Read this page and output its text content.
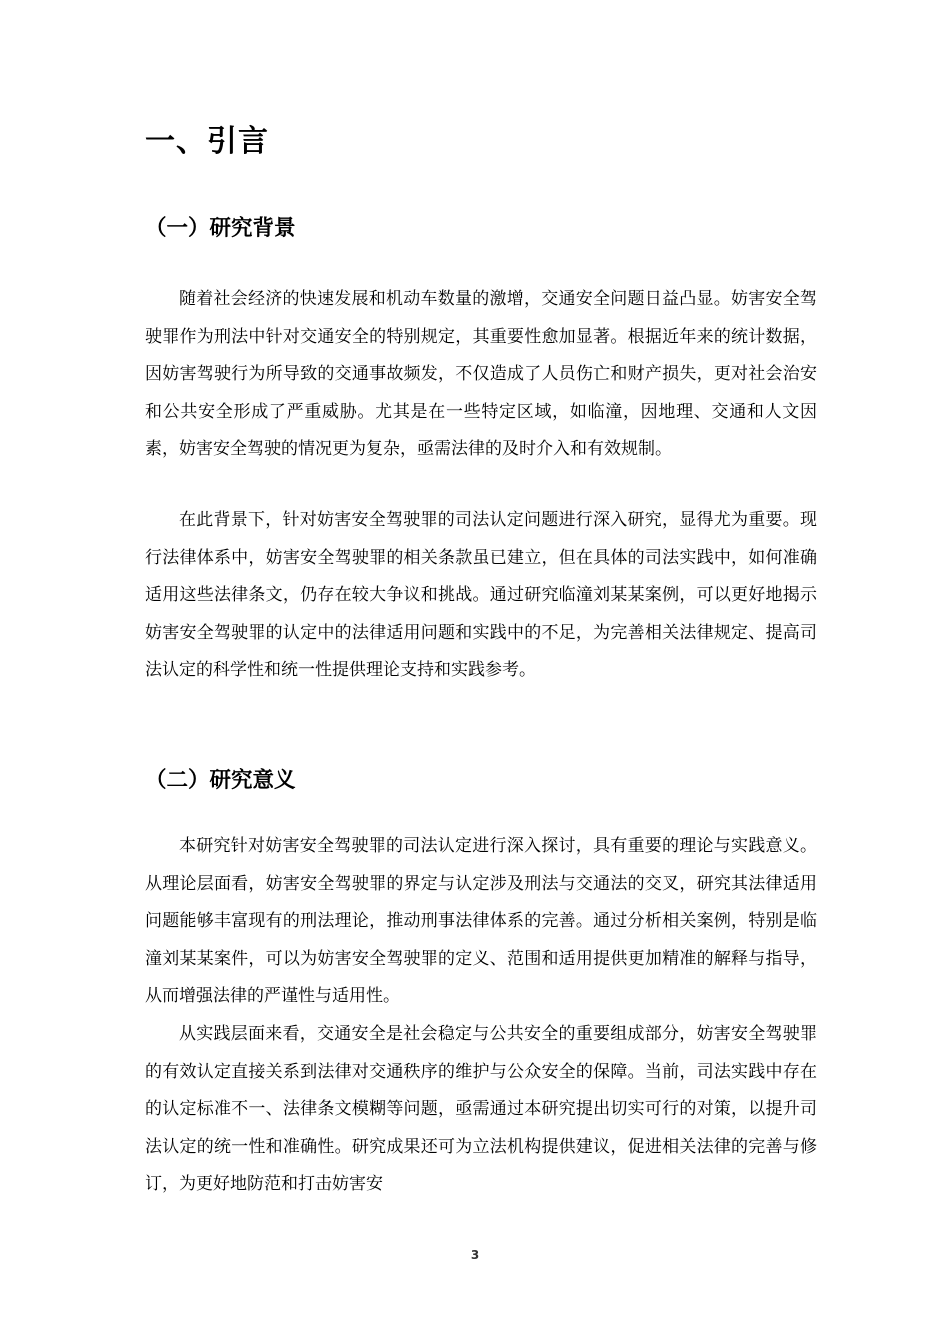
一、引言
（一）研究背景

随着社会经济的快速发展和机动车数量的激增，交通安全问题日益凸显。妨害安全驾驶罪作为刑法中针对交通安全的特别规定，其重要性愈加显著。根据近年来的统计数据，因妨害驾驶行为所导致的交通事故频发，不仅造成了人员伤亡和财产损失，更对社会治安和公共安全形成了严重威胁。尤其是在一些特定区域，如临潼，因地理、交通和人文因素，妨害安全驾驶的情况更为复杂，亟需法律的及时介入和有效规制。

在此背景下，针对妨害安全驾驶罪的司法认定问题进行深入研究，显得尤为重要。现行法律体系中，妨害安全驾驶罪的相关条款虽已建立，但在具体的司法实践中，如何准确适用这些法律条文，仍存在较大争议和挑战。通过研究临潼刘某某案例，可以更好地揭示妨害安全驾驶罪的认定中的法律适用问题和实践中的不足，为完善相关法律规定、提高司法认定的科学性和统一性提供理论支持和实践参考。

（二）研究意义

本研究针对妨害安全驾驶罪的司法认定进行深入探讨，具有重要的理论与实践意义。从理论层面看，妨害安全驾驶罪的界定与认定涉及刑法与交通法的交叉，研究其法律适用问题能够丰富现有的刑法理论，推动刑事法律体系的完善。通过分析相关案例，特别是临潼刘某某案件，可以为妨害安全驾驶罪的定义、范围和适用提供更加精准的解释与指导，从而增强法律的严谨性与适用性。

从实践层面来看，交通安全是社会稳定与公共安全的重要组成部分，妨害安全驾驶罪的有效认定直接关系到法律对交通秩序的维护与公众安全的保障。当前，司法实践中存在的认定标准不一、法律条文模糊等问题，亟需通过本研究提出切实可行的对策，以提升司法认定的统一性和准确性。研究成果还可为立法机构提供建议，促进相关法律的完善与修订，为更好地防范和打击妨害安

3
